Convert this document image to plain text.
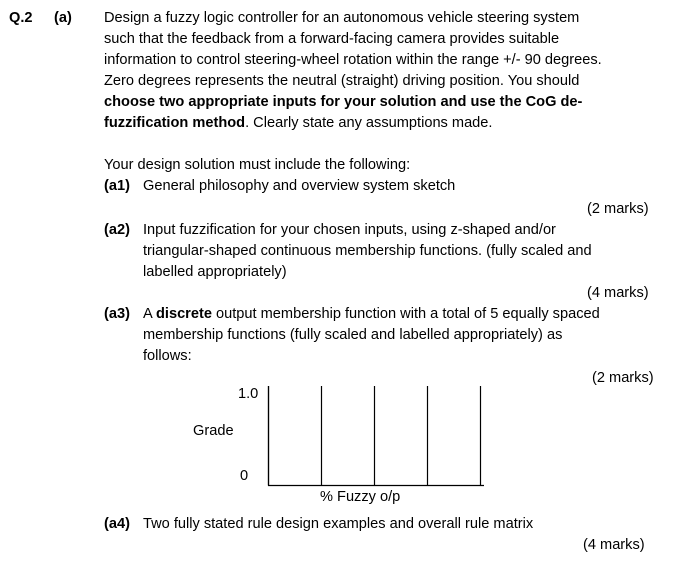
Q.2 (a) Design a fuzzy logic controller for an autonomous vehicle steering system
such that the feedback from a forward-facing camera provides suitable
information to control steering-wheel rotation within the range +/- 90 degrees.
Zero degrees represents the neutral (straight) driving position. You should
choose two appropriate inputs for your solution and use the CoG de-
fuzzification method. Clearly state any assumptions made.
Your design solution must include the following:
(a1) General philosophy and overview system sketch
(2 marks)
(a2) Input fuzzification for your chosen inputs, using z-shaped and/or
triangular-shaped continuous membership functions. (fully scaled and
labelled appropriately)
(4 marks)
(a3) A discrete output membership function with a total of 5 equally spaced
membership functions (fully scaled and labelled appropriately) as
follows:
(2 marks)
1.0
Grade
0
% Fuzzy o/p
(a4) Two fully stated rule design examples and overall rule matrix
(4 marks)
